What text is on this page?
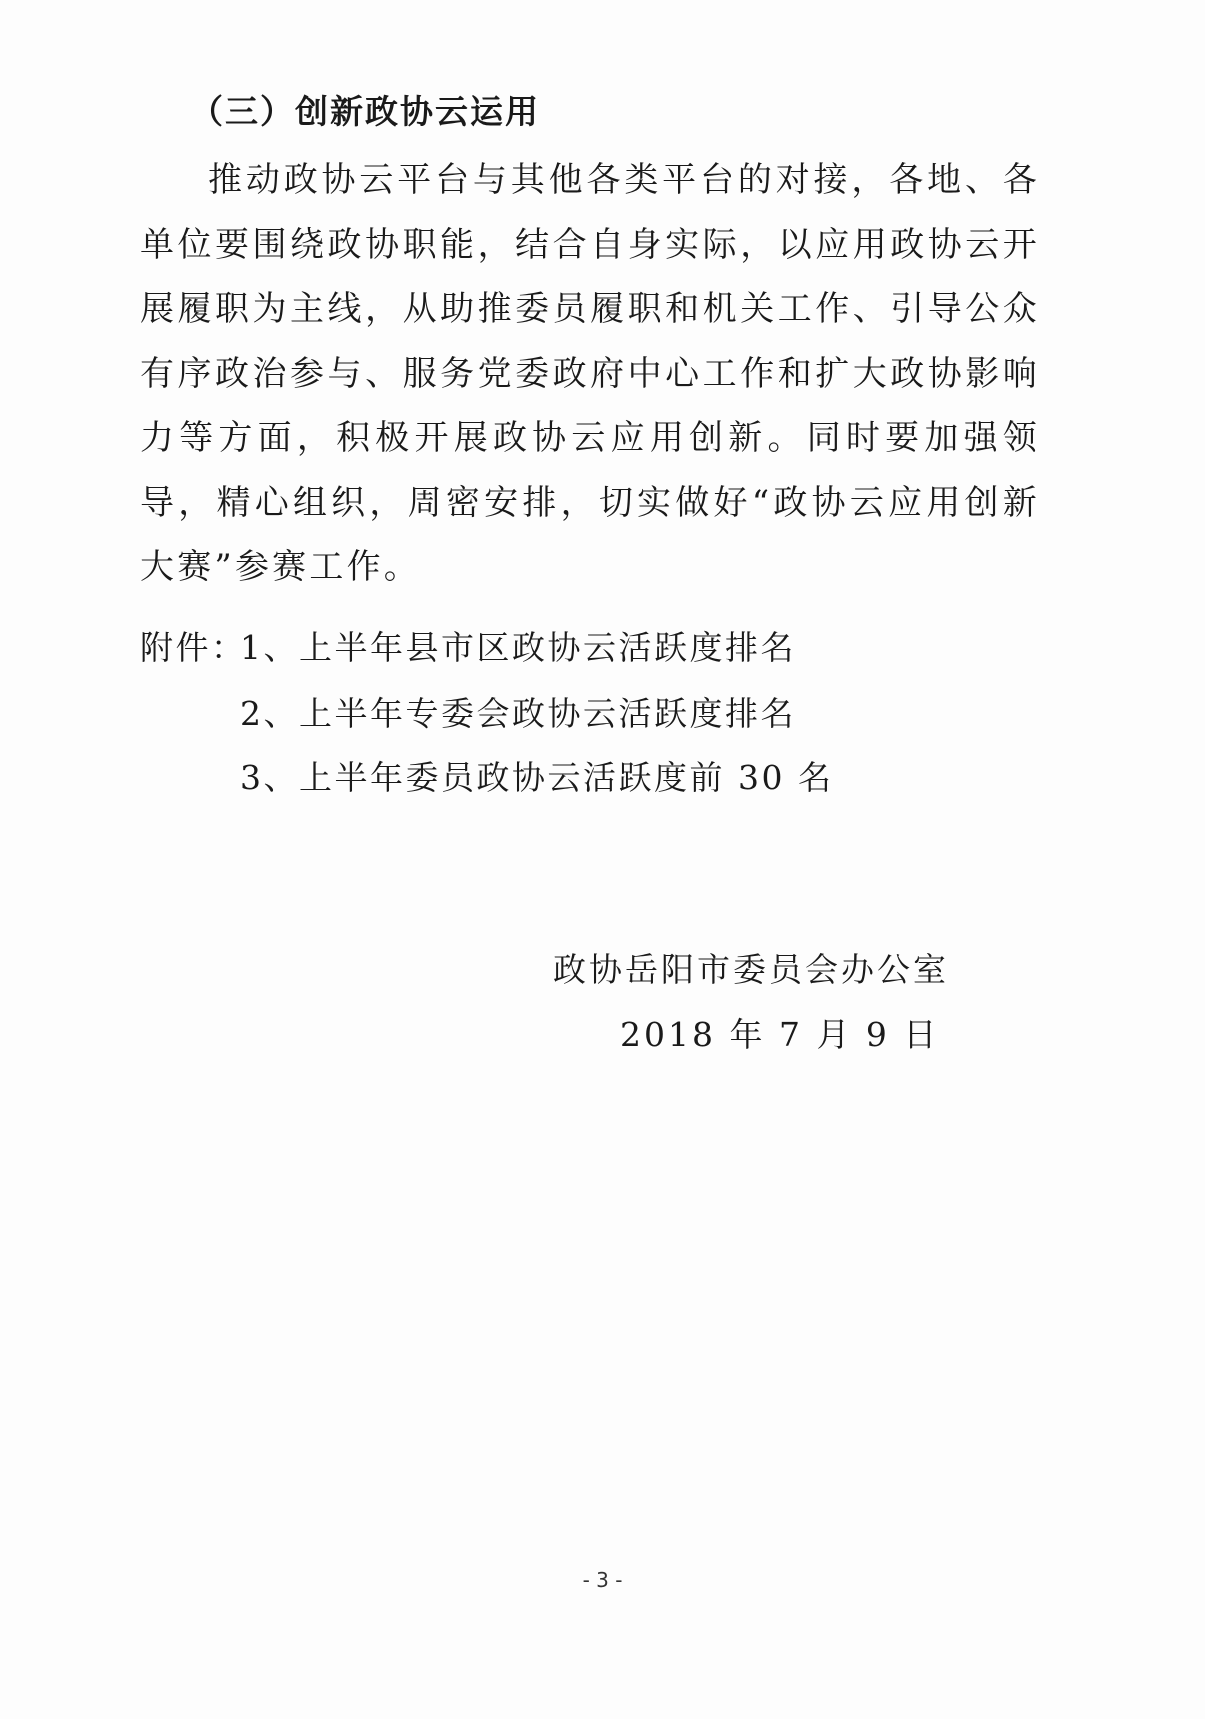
（三）创新政协云运用
推动政协云平台与其他各类平台的对接，各地、各单位要围绕政协职能，结合自身实际，以应用政协云开展履职为主线，从助推委员履职和机关工作、引导公众有序政治参与、服务党委政府中心工作和扩大政协影响力等方面，积极开展政协云应用创新。同时要加强领导，精心组织，周密安排，切实做好“政协云应用创新大赛”参赛工作。
附件：
1、上半年县市区政协云活跃度排名
2、上半年专委会政协云活跃度排名
3、上半年委员政协云活跃度前 30 名
政协岳阳市委员会办公室
2018 年 7 月 9 日
- 3 -
